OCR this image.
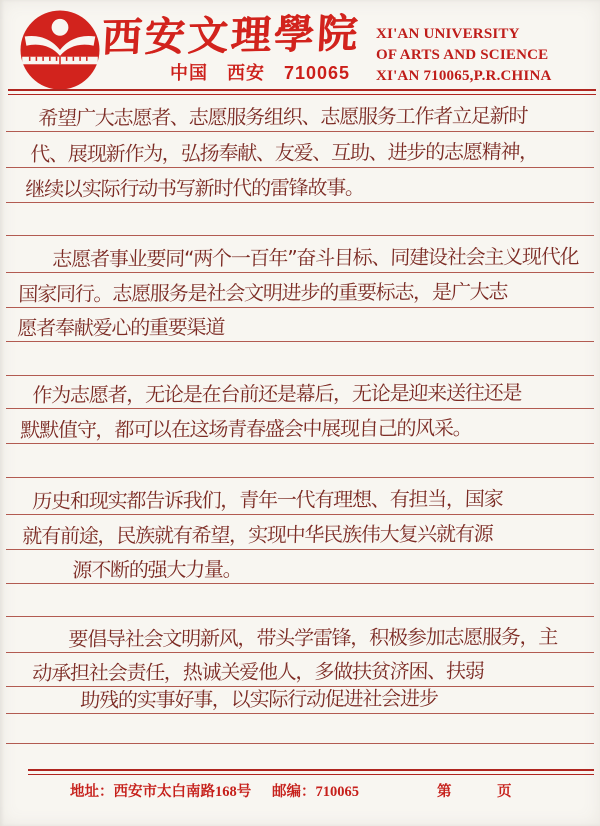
西安文理學院
中国　西安　710065
XI'AN UNIVERSITY
OF ARTS AND SCIENCE
XI'AN 710065,P.R.CHINA
希望广大志愿者、志愿服务组织、志愿服务工作者立足新时
代、展现新作为，弘扬奉献、友爱、互助、进步的志愿精神，
继续以实际行动书写新时代的雷锋故事。
志愿者事业要同“两个一百年”奋斗目标、同建设社会主义现代化
国家同行。志愿服务是社会文明进步的重要标志，是广大志
愿者奉献爱心的重要渠道
作为志愿者，无论是在台前还是幕后，无论是迎来送往还是
默默值守，都可以在这场青春盛会中展现自己的风采。
历史和现实都告诉我们，青年一代有理想、有担当，国家
就有前途，民族就有希望，实现中华民族伟大复兴就有源
源不断的强大力量。
要倡导社会文明新风，带头学雷锋，积极参加志愿服务，主
动承担社会责任，热诚关爱他人，多做扶贫济困、扶弱
助残的实事好事，以实际行动促进社会进步
地址：西安市太白南路168号 邮编：710065	第	页
